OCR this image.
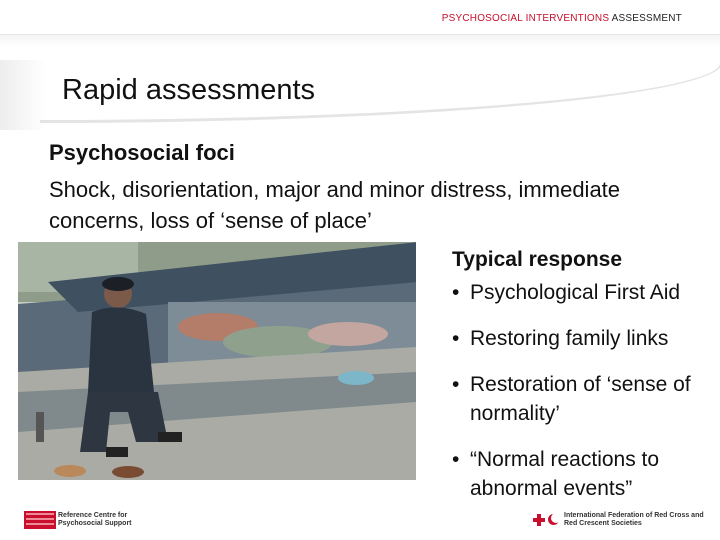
PSYCHOSOCIAL INTERVENTIONS ASSESSMENT
Rapid assessments
Psychosocial foci
Shock, disorientation, major and minor distress, immediate concerns, loss of ‘sense of place’
Typical response
• Psychological First Aid
• Restoring family links
• Restoration of ‘sense of normality’
• “Normal reactions to abnormal events”
Reference Centre for Psychosocial Support
International Federation of Red Cross and Red Crescent Societies
